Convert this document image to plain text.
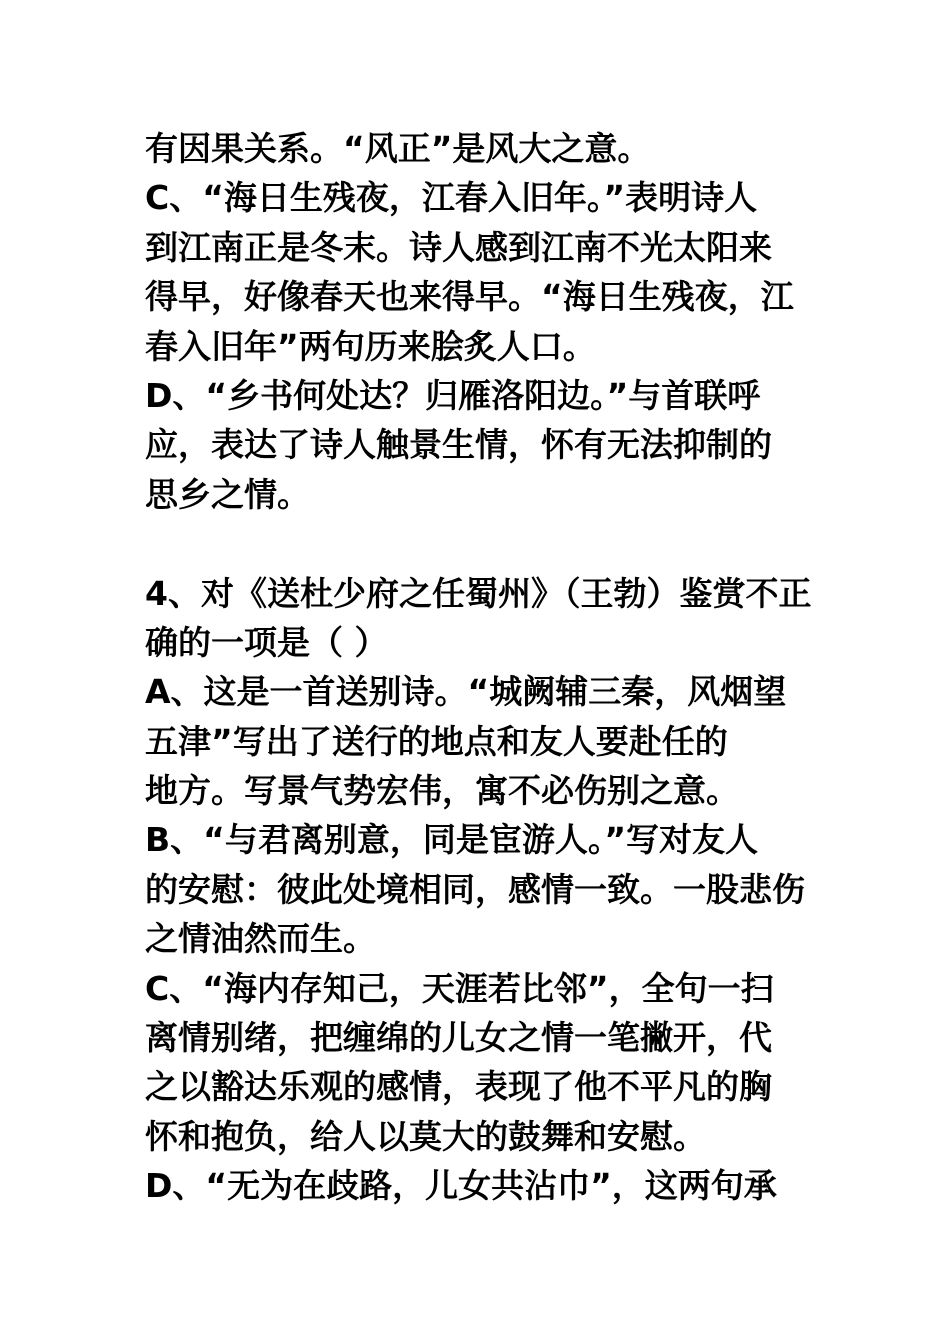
有因果关系。“风正”是风大之意。
C、“海日生残夜，江春入旧年。”表明诗人
到江南正是冬末。诗人感到江南不光太阳来
得早，好像春天也来得早。“海日生残夜，江
春入旧年”两句历来脍炙人口。
D、“乡书何处达？归雁洛阳边。”与首联呼
应，表达了诗人触景生情，怀有无法抑制的
思乡之情。
4、对《送杜少府之任蜀州》（王勃）鉴赏不正
确的一项是（ ）
A、这是一首送别诗。“城阙辅三秦，风烟望
五津”写出了送行的地点和友人要赴任的
地方。写景气势宏伟，寓不必伤别之意。
B、“与君离别意，同是宦游人。”写对友人
的安慰：彼此处境相同，感情一致。一股悲伤
之情油然而生。
C、“海内存知己，天涯若比邻”，全句一扫
离情别绪，把缠绵的儿女之情一笔撇开，代
之以豁达乐观的感情，表现了他不平凡的胸
怀和抱负，给人以莫大的鼓舞和安慰。
D、“无为在歧路，儿女共沾巾”，这两句承
